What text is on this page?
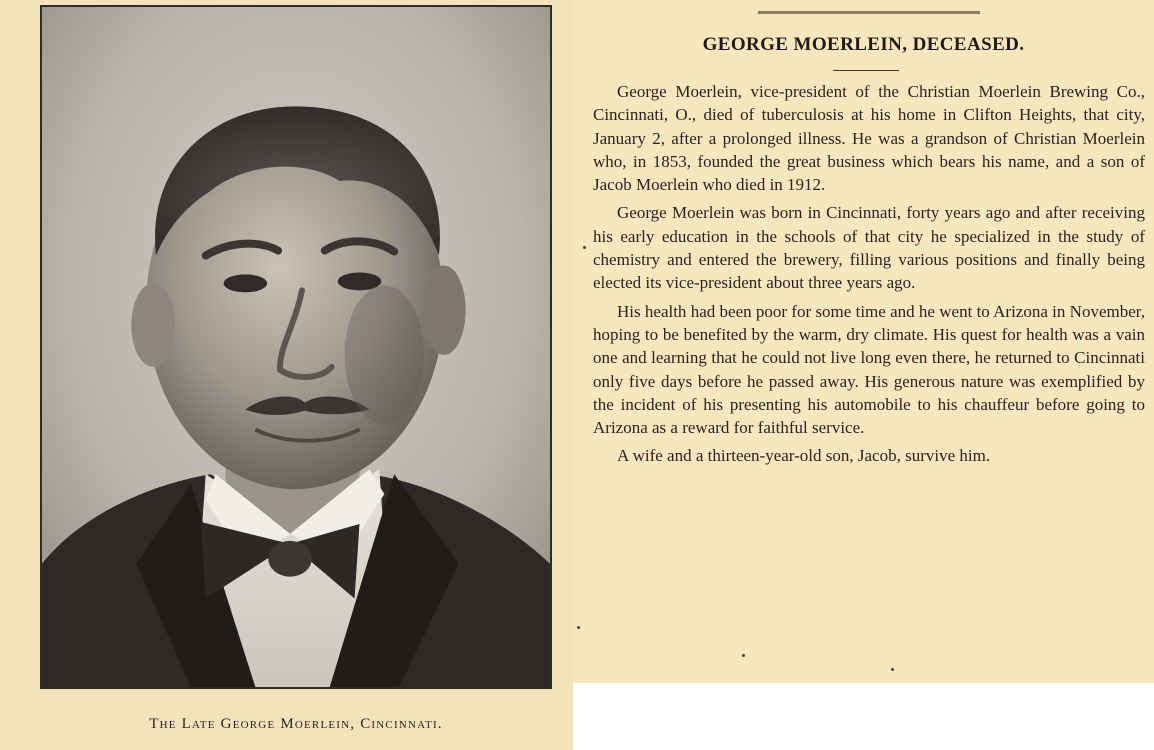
The Late George Moerlein, Cincinnati.
GEORGE MOERLEIN, DECEASED.

George Moerlein, vice-president of the Christian Moerlein Brewing Co., Cincinnati, O., died of tuberculosis at his home in Clifton Heights, that city, January 2, after a prolonged illness. He was a grandson of Christian Moerlein who, in 1853, founded the great business which bears his name, and a son of Jacob Moerlein who died in 1912.

George Moerlein was born in Cincinnati, forty years ago and after receiving his early education in the schools of that city he specialized in the study of chemistry and entered the brewery, filling various positions and finally being elected its vice-president about three years ago.

His health had been poor for some time and he went to Arizona in November, hoping to be benefited by the warm, dry climate. His quest for health was a vain one and learning that he could not live long even there, he returned to Cincinnati only five days before he passed away. His generous nature was exemplified by the incident of his presenting his automobile to his chauffeur before going to Arizona as a reward for faithful service.

A wife and a thirteen-year-old son, Jacob, survive him.
